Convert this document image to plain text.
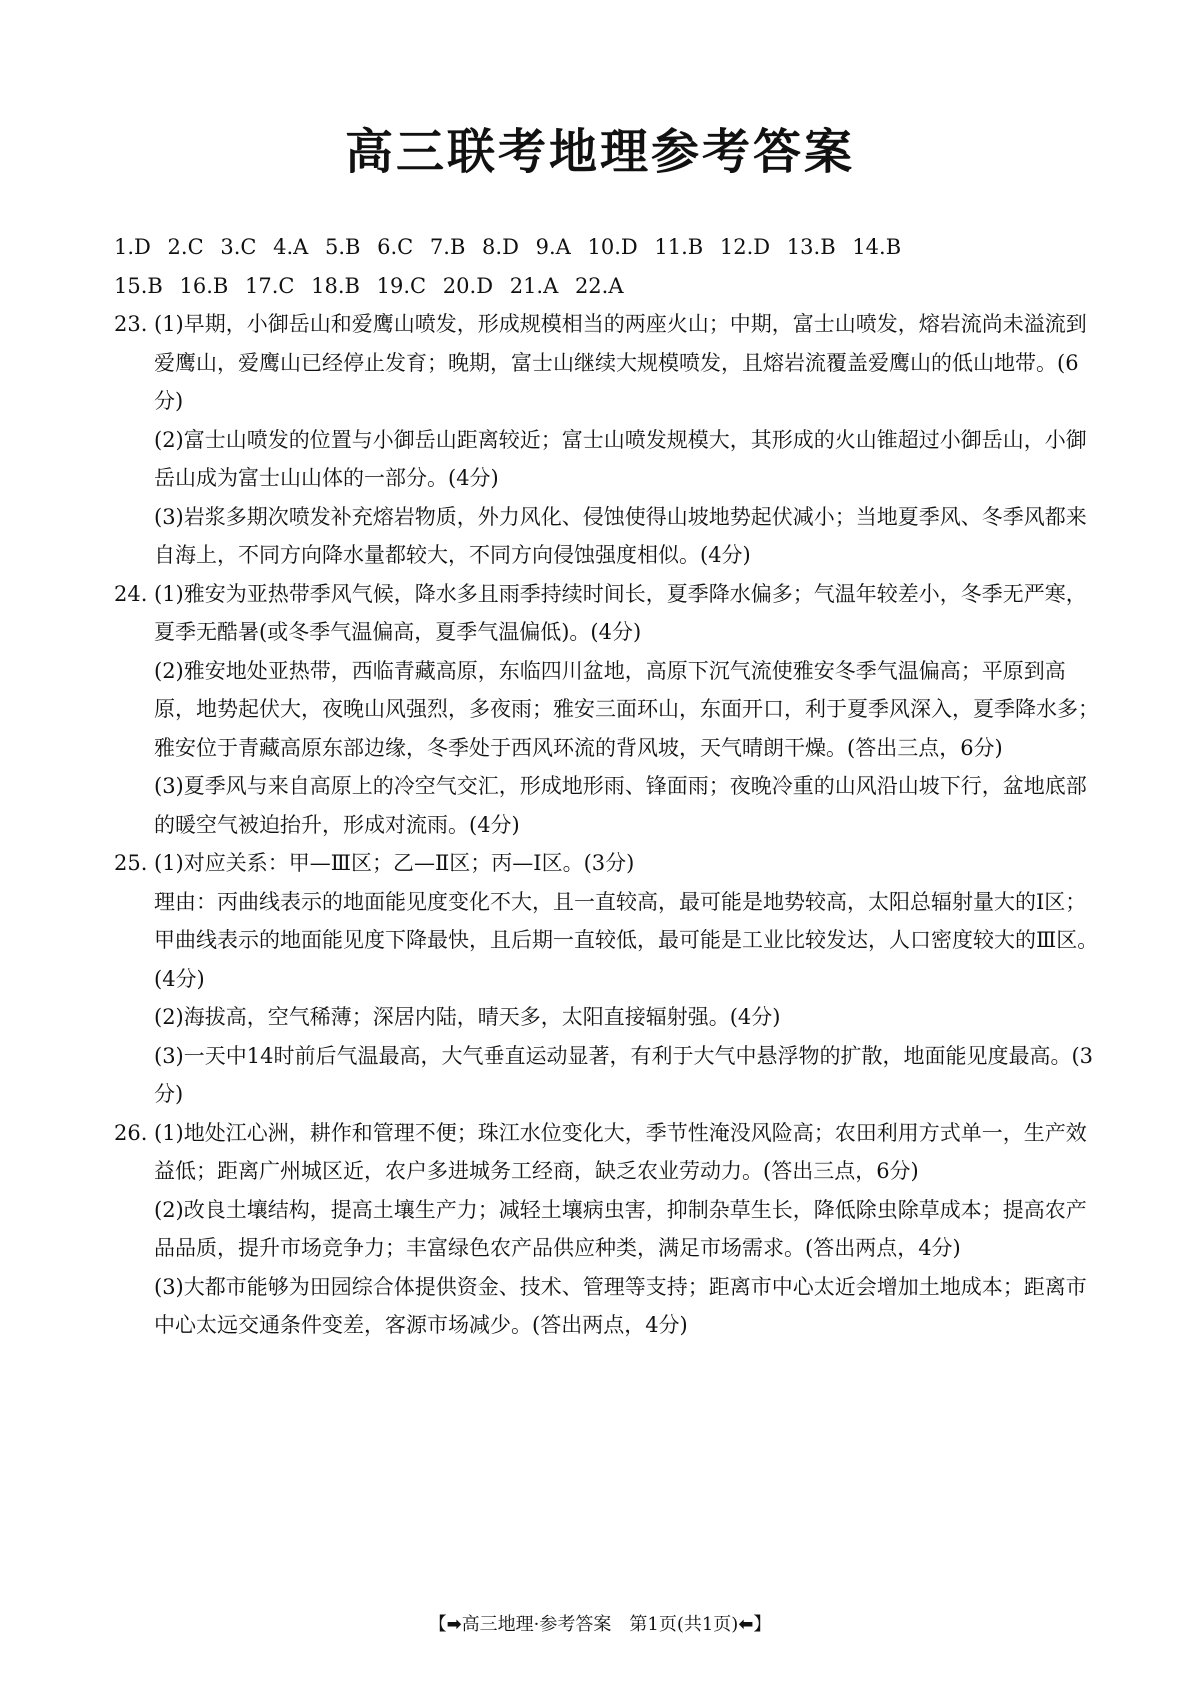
高三联考地理参考答案
1.D 2.C 3.C 4.A 5.B 6.C 7.B 8.D 9.A 10.D 11.B 12.D 13.B 14.B
15.B 16.B 17.C 18.B 19.C 20.D 21.A 22.A
23. (1)早期，小御岳山和爱鹰山喷发，形成规模相当的两座火山；中期，富士山喷发，熔岩流尚未溢流到爱鹰山，爱鹰山已经停止发育；晚期，富士山继续大规模喷发，且熔岩流覆盖爱鹰山的低山地带。(6分)
(2)富士山喷发的位置与小御岳山距离较近；富士山喷发规模大，其形成的火山锥超过小御岳山，小御岳山成为富士山山体的一部分。(4分)
(3)岩浆多期次喷发补充熔岩物质，外力风化、侵蚀使得山坡地势起伏减小；当地夏季风、冬季风都来自海上，不同方向降水量都较大，不同方向侵蚀强度相似。(4分)
24. (1)雅安为亚热带季风气候，降水多且雨季持续时间长，夏季降水偏多；气温年较差小，冬季无严寒，夏季无酷暑(或冬季气温偏高，夏季气温偏低)。(4分)
(2)雅安地处亚热带，西临青藏高原，东临四川盆地，高原下沉气流使雅安冬季气温偏高；平原到高原，地势起伏大，夜晚山风强烈，多夜雨；雅安三面环山，东面开口，利于夏季风深入，夏季降水多；雅安位于青藏高原东部边缘，冬季处于西风环流的背风坡，天气晴朗干燥。(答出三点，6分)
(3)夏季风与来自高原上的冷空气交汇，形成地形雨、锋面雨；夜晚冷重的山风沿山坡下行，盆地底部的暖空气被迫抬升，形成对流雨。(4分)
25. (1)对应关系：甲—Ⅲ区；乙—Ⅱ区；丙—Ⅰ区。(3分)
理由：丙曲线表示的地面能见度变化不大，且一直较高，最可能是地势较高，太阳总辐射量大的Ⅰ区；甲曲线表示的地面能见度下降最快，且后期一直较低，最可能是工业比较发达，人口密度较大的Ⅲ区。(4分)
(2)海拔高，空气稀薄；深居内陆，晴天多，太阳直接辐射强。(4分)
(3)一天中14时前后气温最高，大气垂直运动显著，有利于大气中悬浮物的扩散，地面能见度最高。(3分)
26. (1)地处江心洲，耕作和管理不便；珠江水位变化大，季节性淹没风险高；农田利用方式单一，生产效益低；距离广州城区近，农户多进城务工经商，缺乏农业劳动力。(答出三点，6分)
(2)改良土壤结构，提高土壤生产力；减轻土壤病虫害，抑制杂草生长，降低除虫除草成本；提高农产品品质，提升市场竞争力；丰富绿色农产品供应种类，满足市场需求。(答出两点，4分)
(3)大都市能够为田园综合体提供资金、技术、管理等支持；距离市中心太近会增加土地成本；距离市中心太远交通条件变差，客源市场减少。(答出两点，4分)
【➡高三地理·参考答案　第1页(共1页)⬅】
